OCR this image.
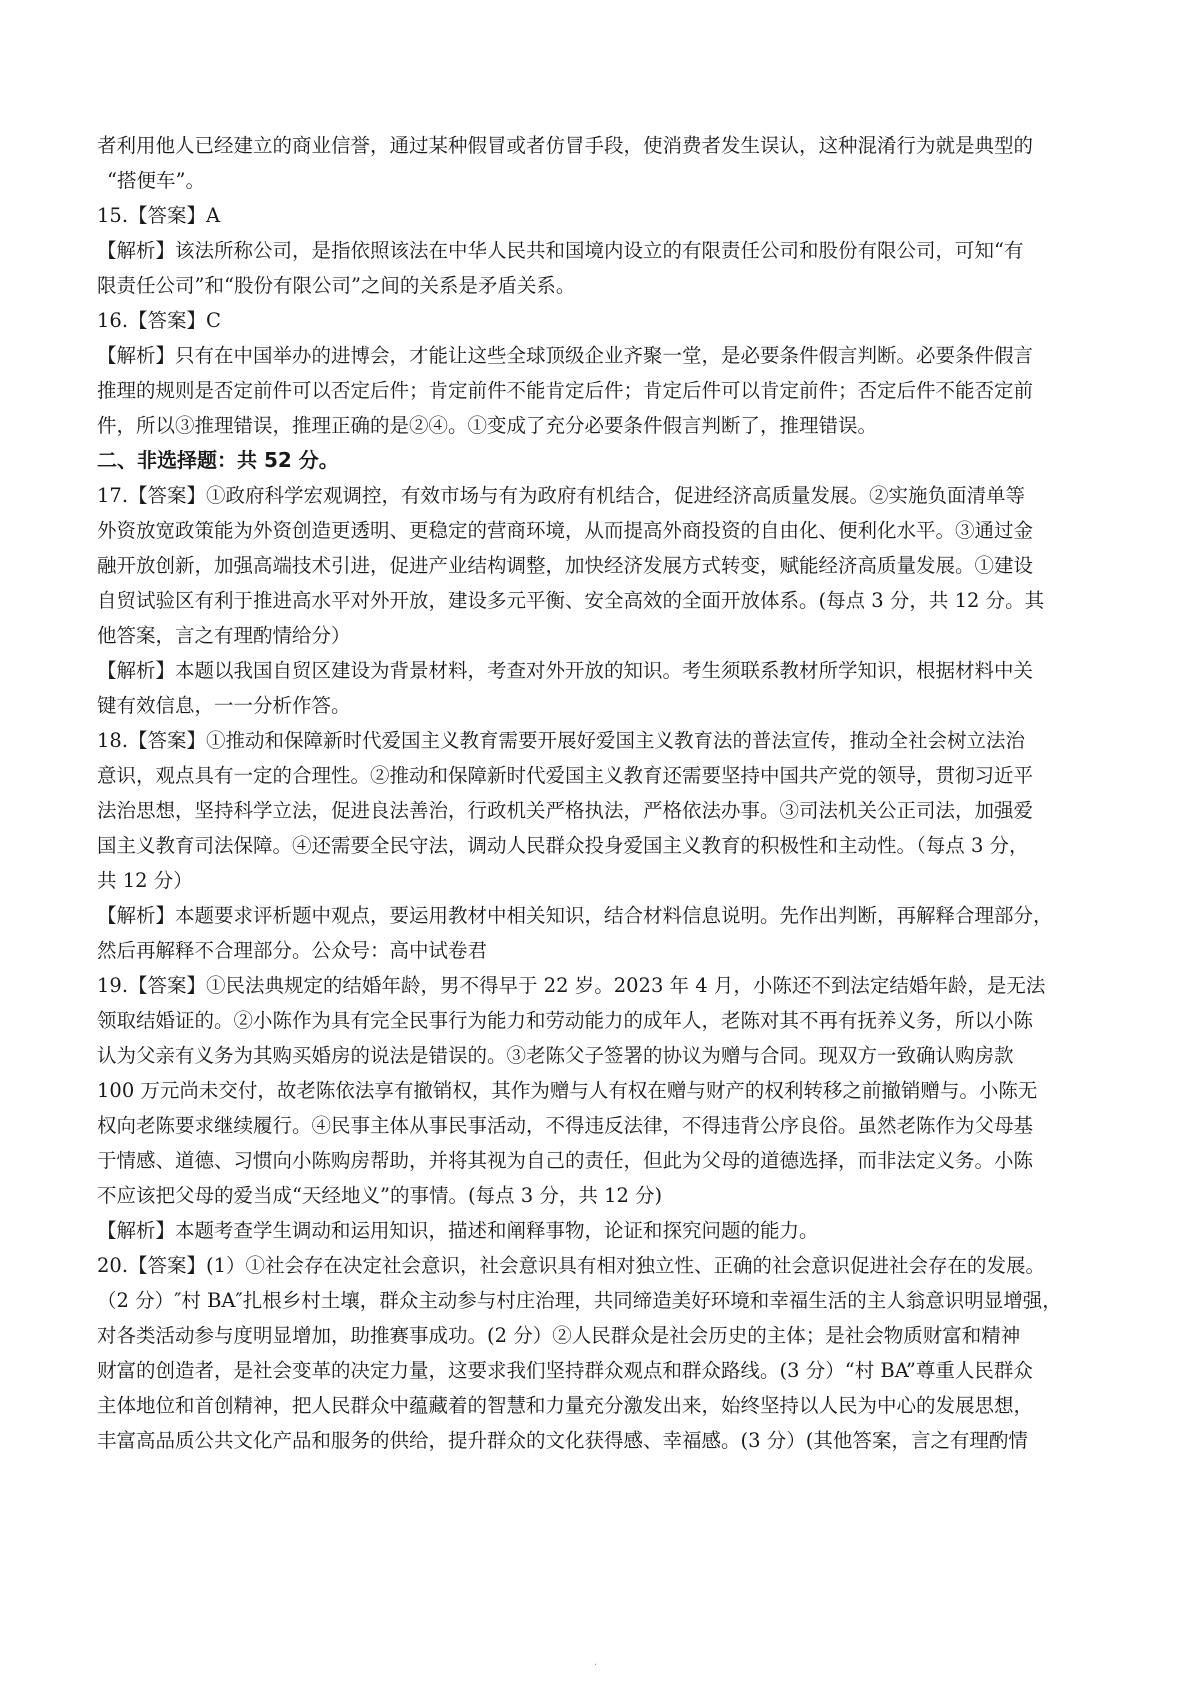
者利用他人已经建立的商业信誉，通过某种假冒或者仿冒手段，使消费者发生误认，这种混淆行为就是典型的
“搭便车”。
15.【答案】A
【解析】该法所称公司，是指依照该法在中华人民共和国境内设立的有限责任公司和股份有限公司，可知“有
限责任公司”和“股份有限公司”之间的关系是矛盾关系。
16.【答案】C
【解析】只有在中国举办的进博会，才能让这些全球顶级企业齐聚一堂，是必要条件假言判断。必要条件假言
推理的规则是否定前件可以否定后件；肯定前件不能肯定后件；肯定后件可以肯定前件；否定后件不能否定前
件，所以③推理错误，推理正确的是②④。①变成了充分必要条件假言判断了，推理错误。
二、非选择题：共 52 分。
17.【答案】①政府科学宏观调控，有效市场与有为政府有机结合，促进经济高质量发展。②实施负面清单等
外资放宽政策能为外资创造更透明、更稳定的营商环境，从而提高外商投资的自由化、便利化水平。③通过金
融开放创新，加强高端技术引进，促进产业结构调整，加快经济发展方式转变，赋能经济高质量发展。①建设
自贸试验区有利于推进高水平对外开放，建设多元平衡、安全高效的全面开放体系。(每点 3 分，共 12 分。其
他答案，言之有理酌情给分）
【解析】本题以我国自贸区建设为背景材料，考查对外开放的知识。考生须联系教材所学知识，根据材料中关
键有效信息，一一分析作答。
18.【答案】①推动和保障新时代爱国主义教育需要开展好爱国主义教育法的普法宣传，推动全社会树立法治
意识，观点具有一定的合理性。②推动和保障新时代爱国主义教育还需要坚持中国共产党的领导，贯彻习近平
法治思想，坚持科学立法，促进良法善治，行政机关严格执法，严格依法办事。③司法机关公正司法，加强爱
国主义教育司法保障。④还需要全民守法，调动人民群众投身爱国主义教育的积极性和主动性。（每点 3 分，
共 12 分）
【解析】本题要求评析题中观点，要运用教材中相关知识，结合材料信息说明。先作出判断，再解释合理部分，
然后再解释不合理部分。公众号：高中试卷君
19.【答案】①民法典规定的结婚年龄，男不得早于 22 岁。2023 年 4 月，小陈还不到法定结婚年龄，是无法
领取结婚证的。②小陈作为具有完全民事行为能力和劳动能力的成年人，老陈对其不再有抚养义务，所以小陈
认为父亲有义务为其购买婚房的说法是错误的。③老陈父子签署的协议为赠与合同。现双方一致确认购房款
100 万元尚未交付，故老陈依法享有撤销权，其作为赠与人有权在赠与财产的权利转移之前撤销赠与。小陈无
权向老陈要求继续履行。④民事主体从事民事活动，不得违反法律，不得违背公序良俗。虽然老陈作为父母基
于情感、道德、习惯向小陈购房帮助，并将其视为自己的责任，但此为父母的道德选择，而非法定义务。小陈
不应该把父母的爱当成“天经地义”的事情。(每点 3 分，共 12 分)
【解析】本题考查学生调动和运用知识，描述和阐释事物，论证和探究问题的能力。
20.【答案】(1）①社会存在决定社会意识，社会意识具有相对独立性、正确的社会意识促进社会存在的发展。
（2 分）″村 BA″扎根乡村土壤，群众主动参与村庄治理，共同缔造美好环境和幸福生活的主人翁意识明显增强，
对各类活动参与度明显增加，助推赛事成功。(2 分）②人民群众是社会历史的主体；是社会物质财富和精神
财富的创造者，是社会变革的决定力量，这要求我们坚持群众观点和群众路线。(3 分）“村 BA”尊重人民群众
主体地位和首创精神，把人民群众中蕴藏着的智慧和力量充分激发出来，始终坚持以人民为中心的发展思想，
丰富高品质公共文化产品和服务的供给，提升群众的文化获得感、幸福感。(3 分）(其他答案，言之有理酌情
·
